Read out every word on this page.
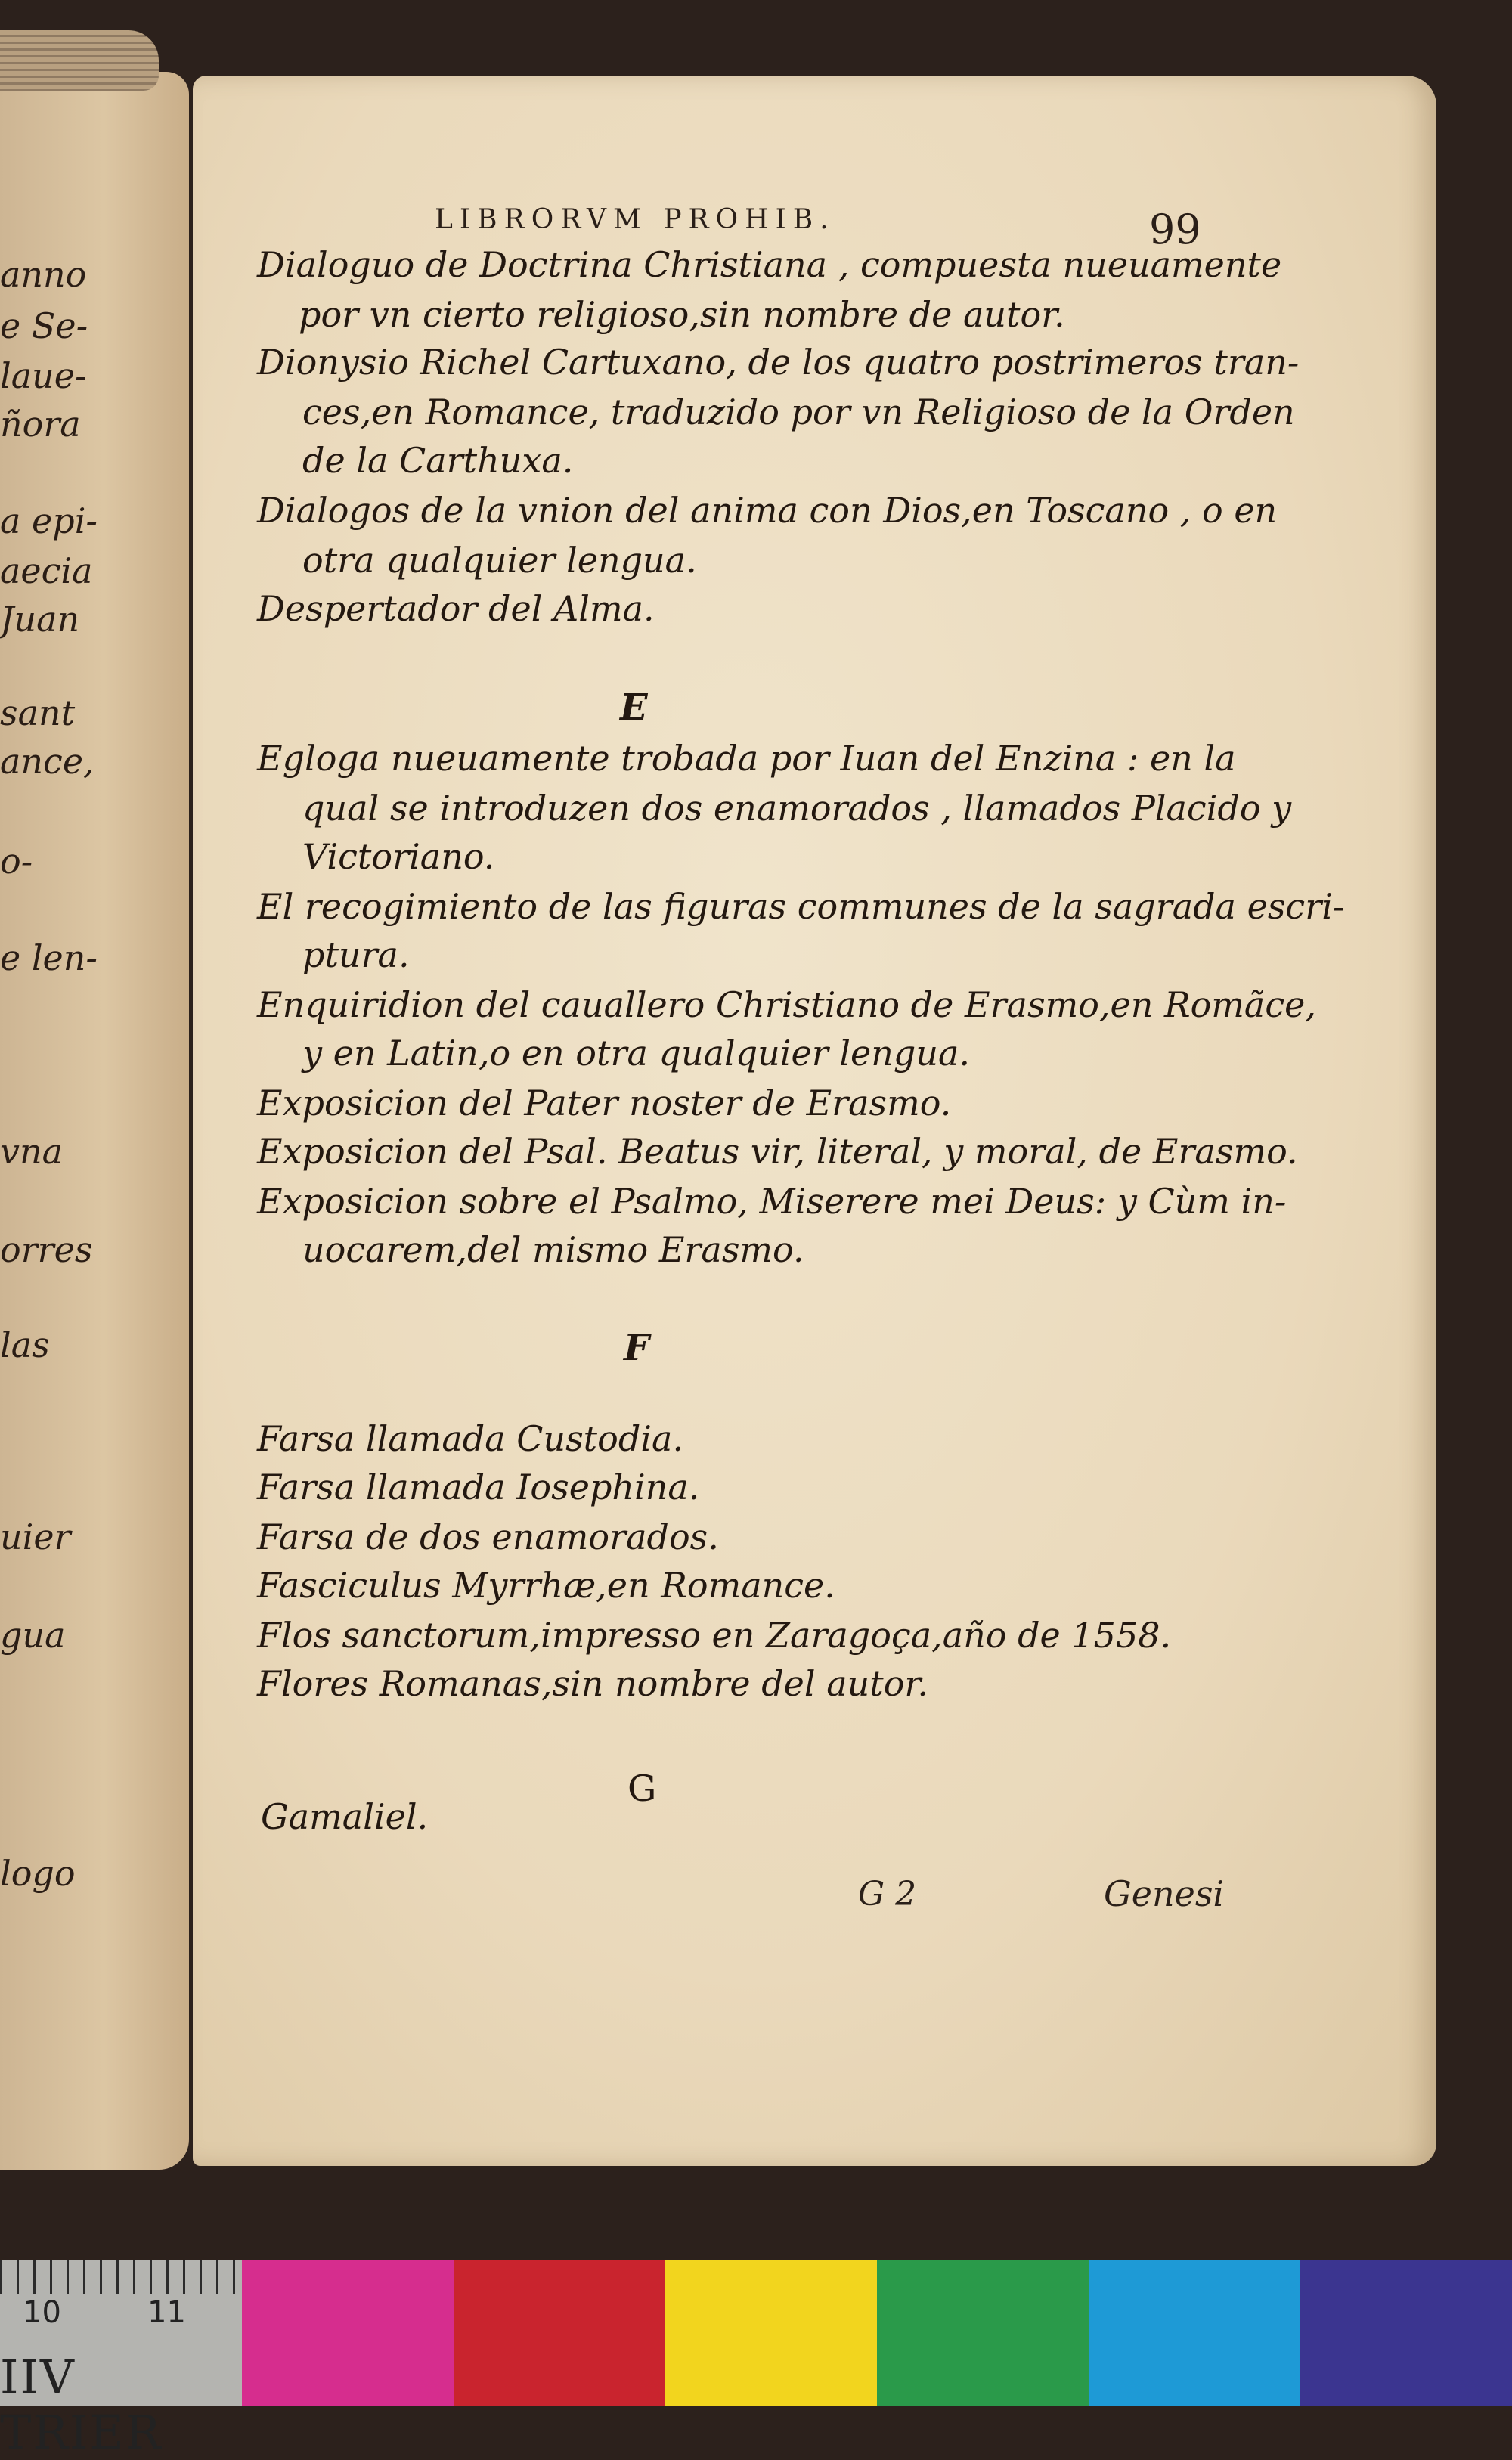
anno
e Se-
laue-
ñora
a epi-
aecia
Juan
sant
ance,
o-
e len-
vna
orres
las
uier
gua
logo
LIBRORVM PROHIB.	99
Dialoguo de Doctrina Christiana , compuesta nueuamente
por vn cierto religioso,sin nombre de autor.
Dionysio Richel Cartuxano, de los quatro postrimeros tran-
ces,en Romance, traduzido por vn Religioso de la Orden
de la Carthuxa.
Dialogos de la vnion del anima con Dios,en Toscano , o en
otra qualquier lengua.
Despertador del Alma.
E
Egloga nueuamente trobada por Iuan del Enzina : en la
qual se introduzen dos enamorados , llamados Placido y
Victoriano.
El recogimiento de las figuras communes de la sagrada escri-
ptura.
Enquiridion del cauallero Christiano de Erasmo,en Romãce,
y en Latin,o en otra qualquier lengua.
Exposicion del Pater noster de Erasmo.
Exposicion del Psal. Beatus vir, literal, y moral, de Erasmo.
Exposicion sobre el Psalmo, Miserere mei Deus: y Cùm in-
uocarem,del mismo Erasmo.
F
Farsa llamada Custodia.
Farsa llamada Iosephina.
Farsa de dos enamorados.
Fasciculus Myrrhæ,en Romance.
Flos sanctorum,impresso en Zaragoça,año de 1558.
Flores Romanas,sin nombre del autor.
G
Gamaliel.
G 2	Genesi
10	11
IIV TRIER
